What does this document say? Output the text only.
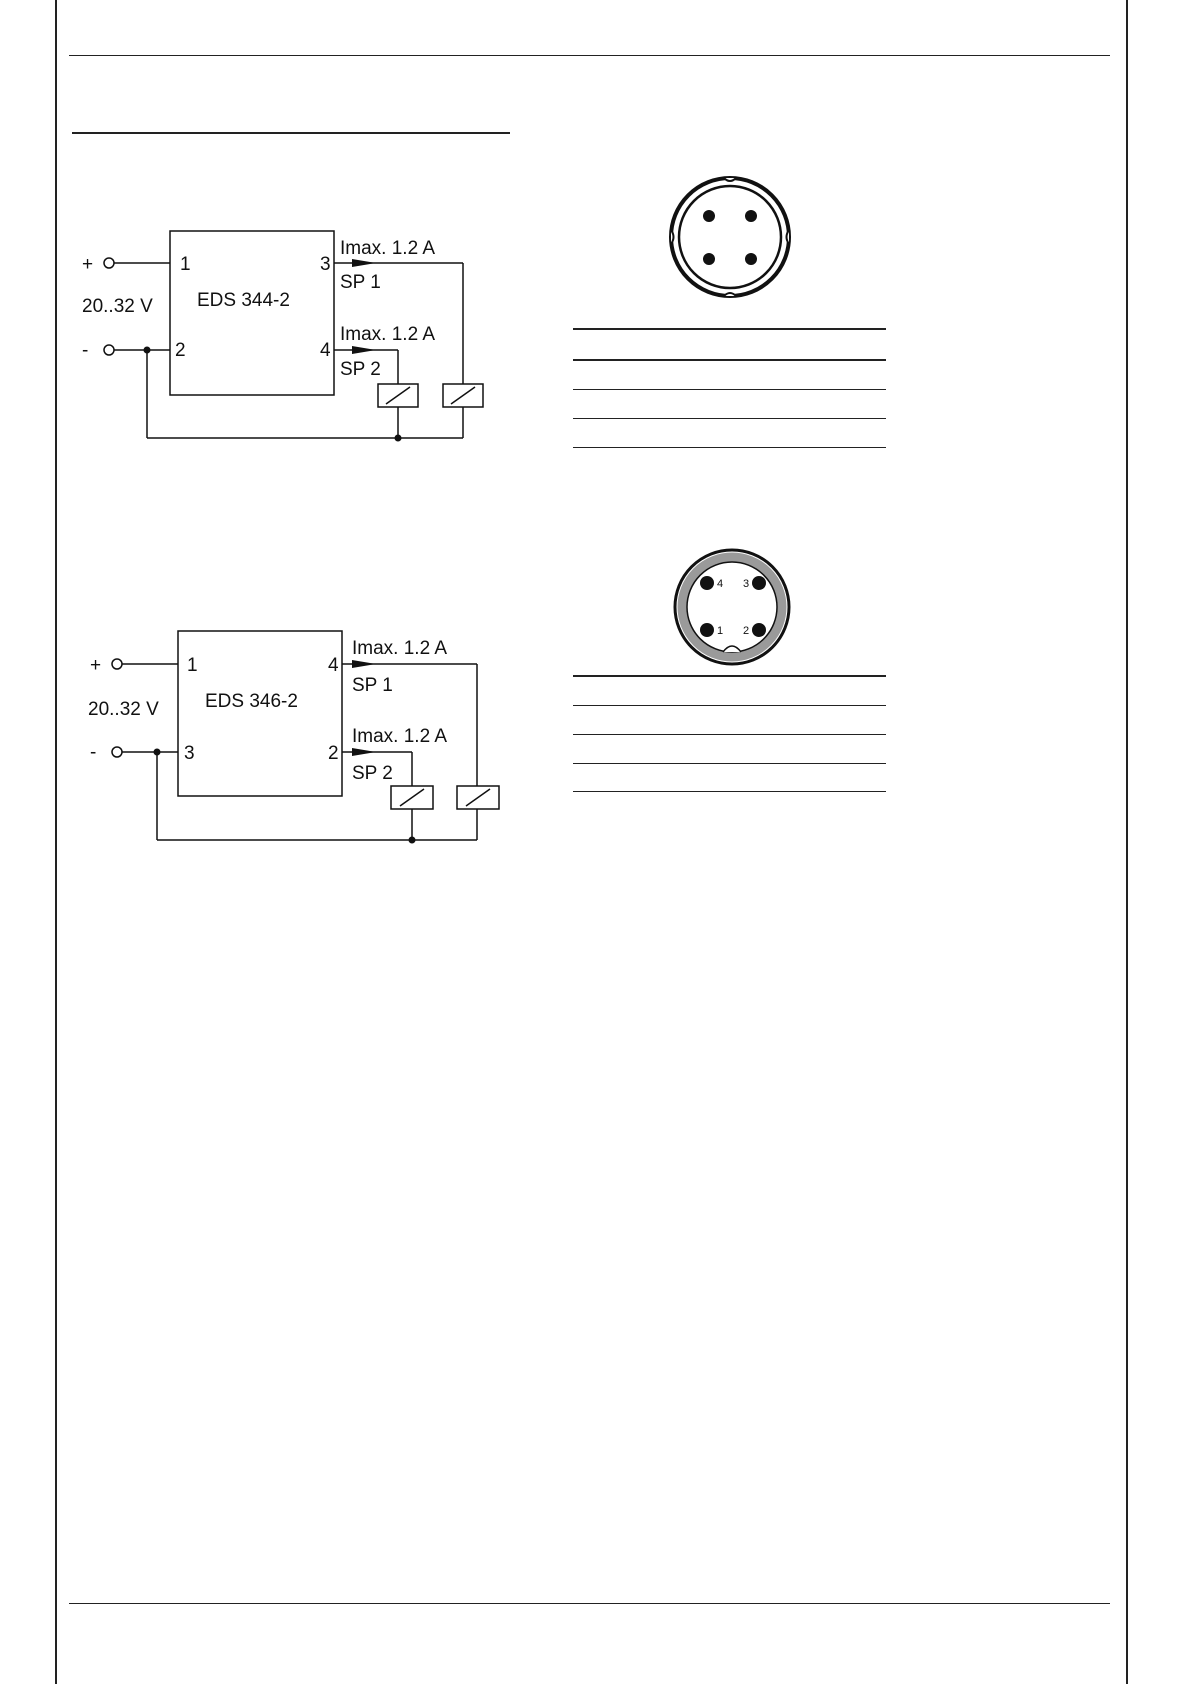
+
20..32 V
-
1
2
3
4
EDS 344-2
Imax. 1.2 A
SP 1
Imax. 1.2 A
SP 2
+
20..32 V
-
1
3
4
2
EDS 346-2
Imax. 1.2 A
SP 1
Imax. 1.2 A
SP 2
4 3
1 2
